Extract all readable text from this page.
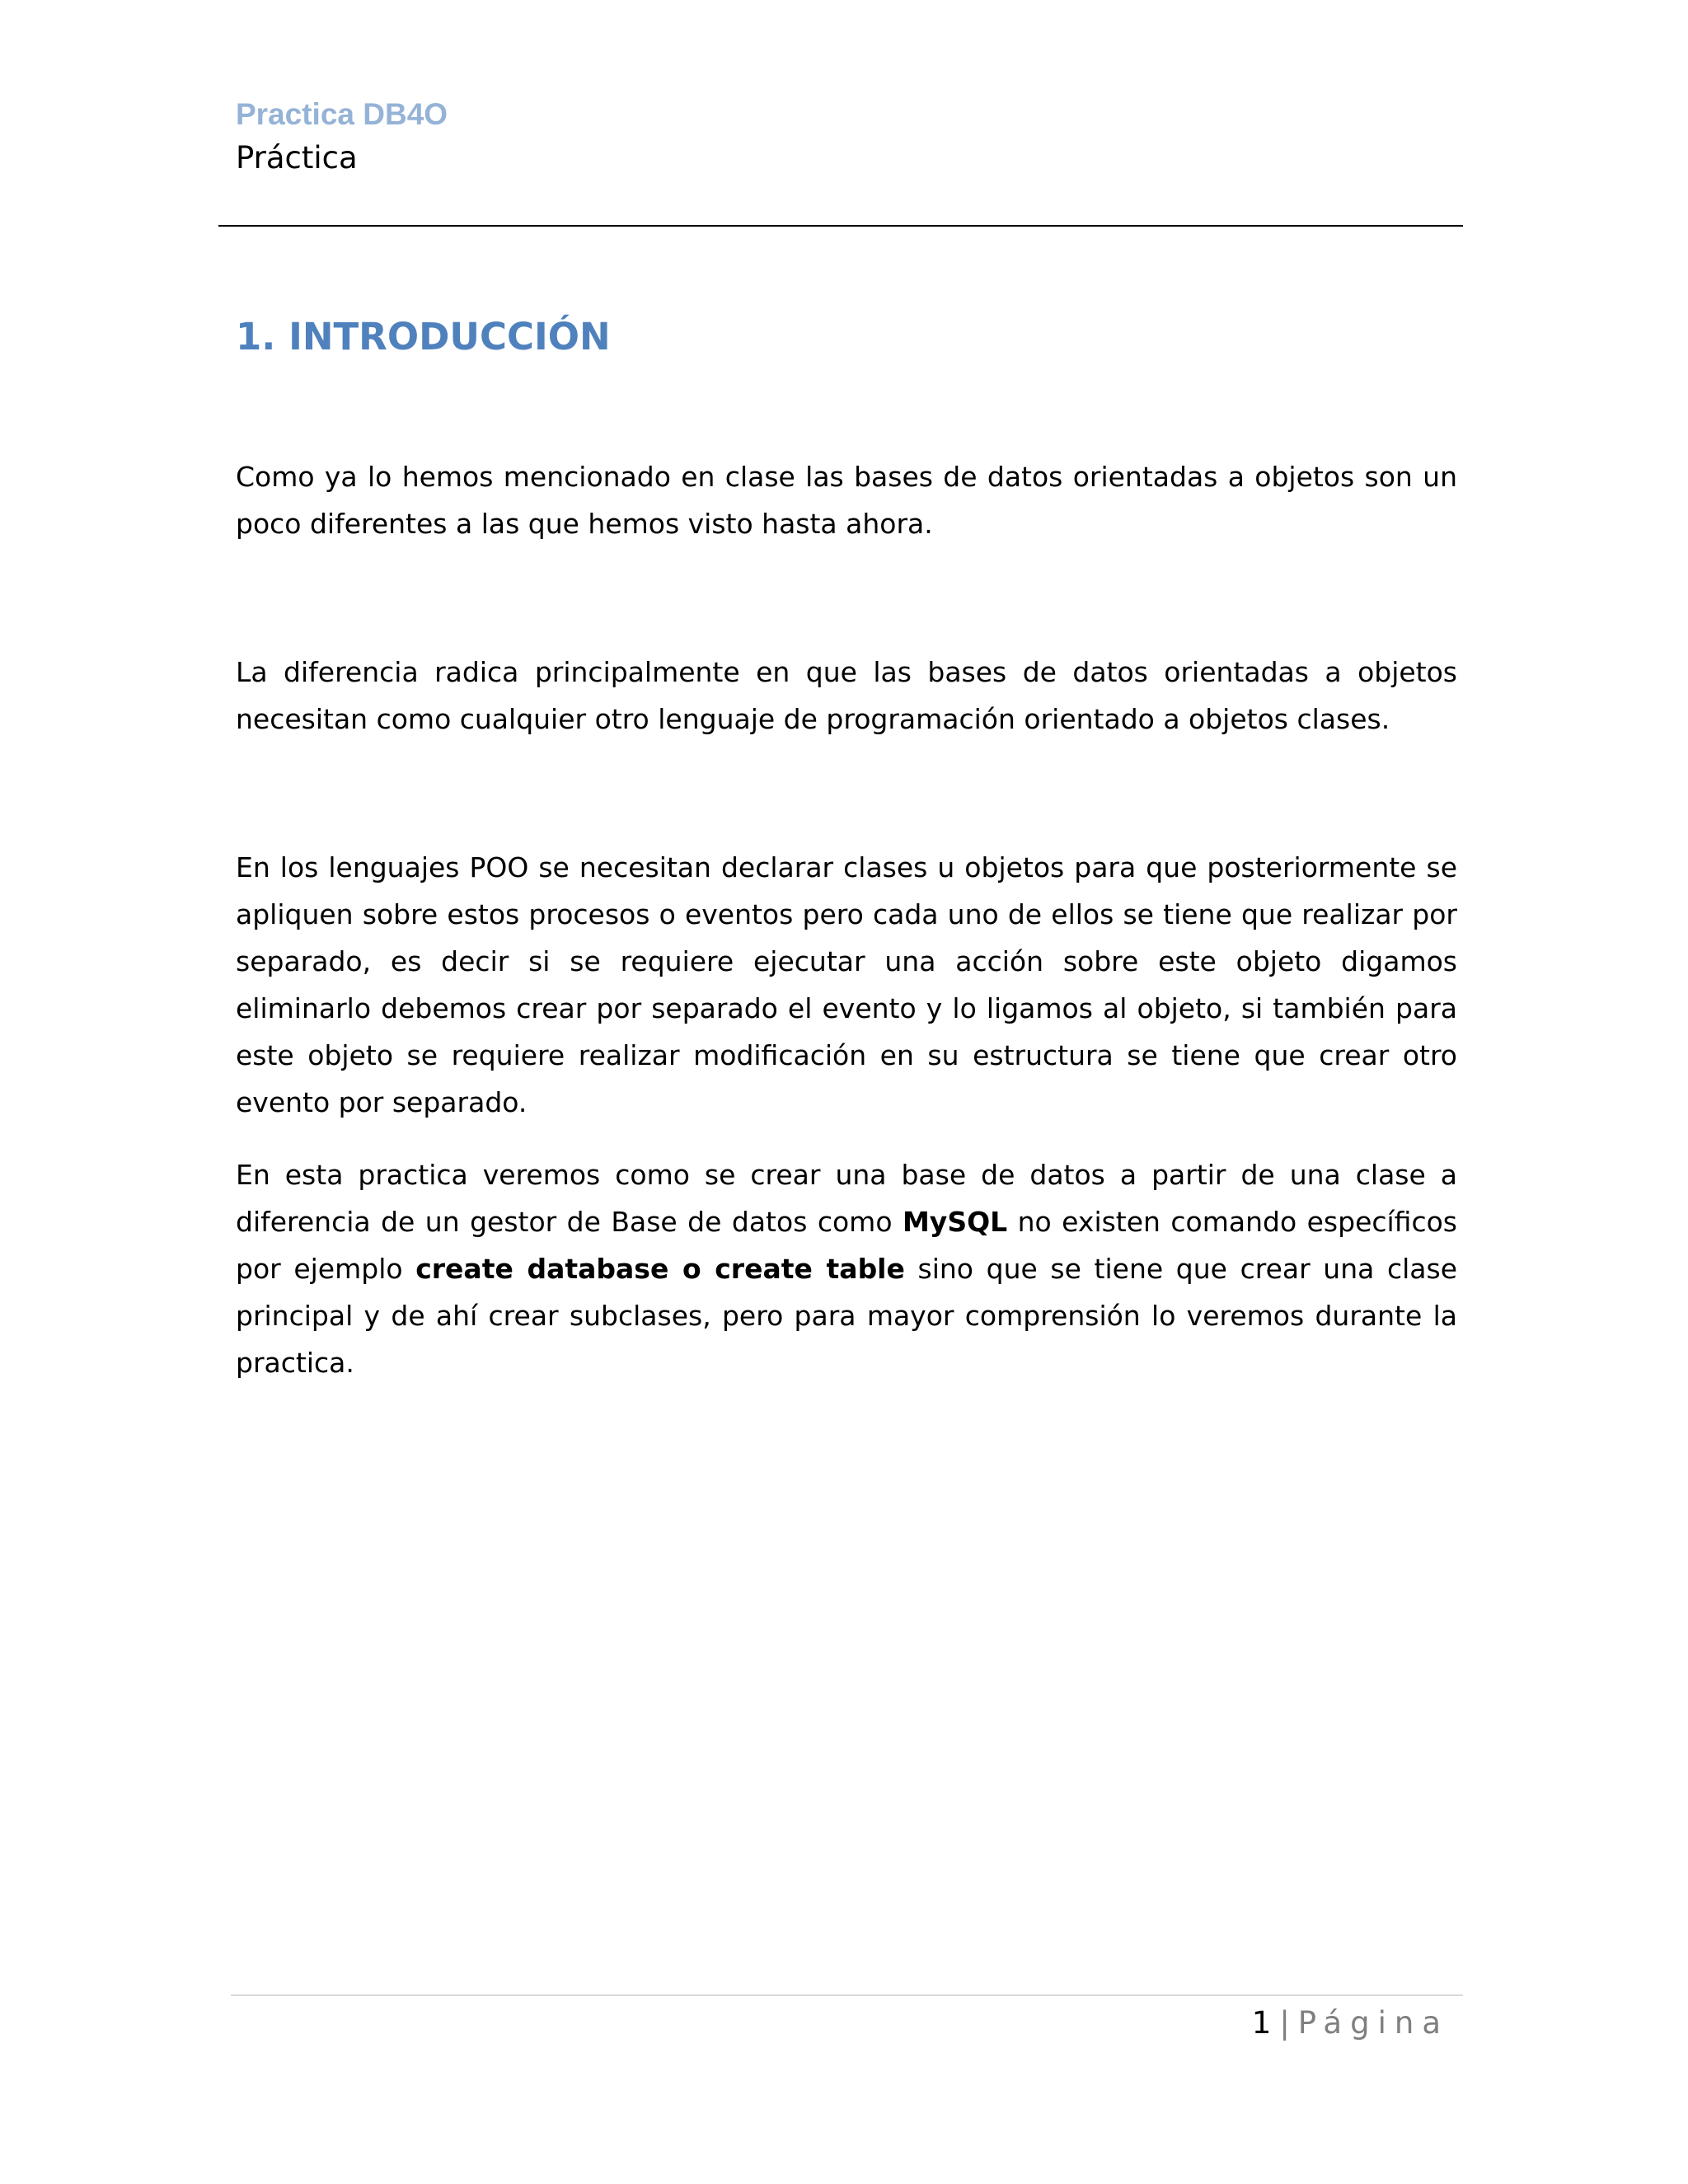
Practica DB4O
Práctica
1. INTRODUCCIÓN

Como ya lo hemos mencionado en clase las bases de datos orientadas a objetos son un poco diferentes a las que hemos visto hasta ahora.

La diferencia radica principalmente en que las bases de datos orientadas a objetos necesitan como cualquier otro lenguaje de programación orientado a objetos clases.

En los lenguajes POO se necesitan declarar clases u objetos para que posteriormente se apliquen sobre estos procesos o eventos pero cada uno de ellos se tiene que realizar por separado, es decir si se requiere ejecutar una acción sobre este objeto digamos eliminarlo debemos crear por separado el evento y lo ligamos al objeto, si también para este objeto se requiere realizar modificación en su estructura se tiene que crear otro evento por separado.

En esta practica veremos como se crear una base de datos a partir de una clase a diferencia de un gestor de Base de datos como MySQL no existen comando específicos por ejemplo create database o create table sino que se tiene que crear una clase principal y de ahí crear subclases, pero para mayor comprensión lo veremos durante la practica.

1 | Página
